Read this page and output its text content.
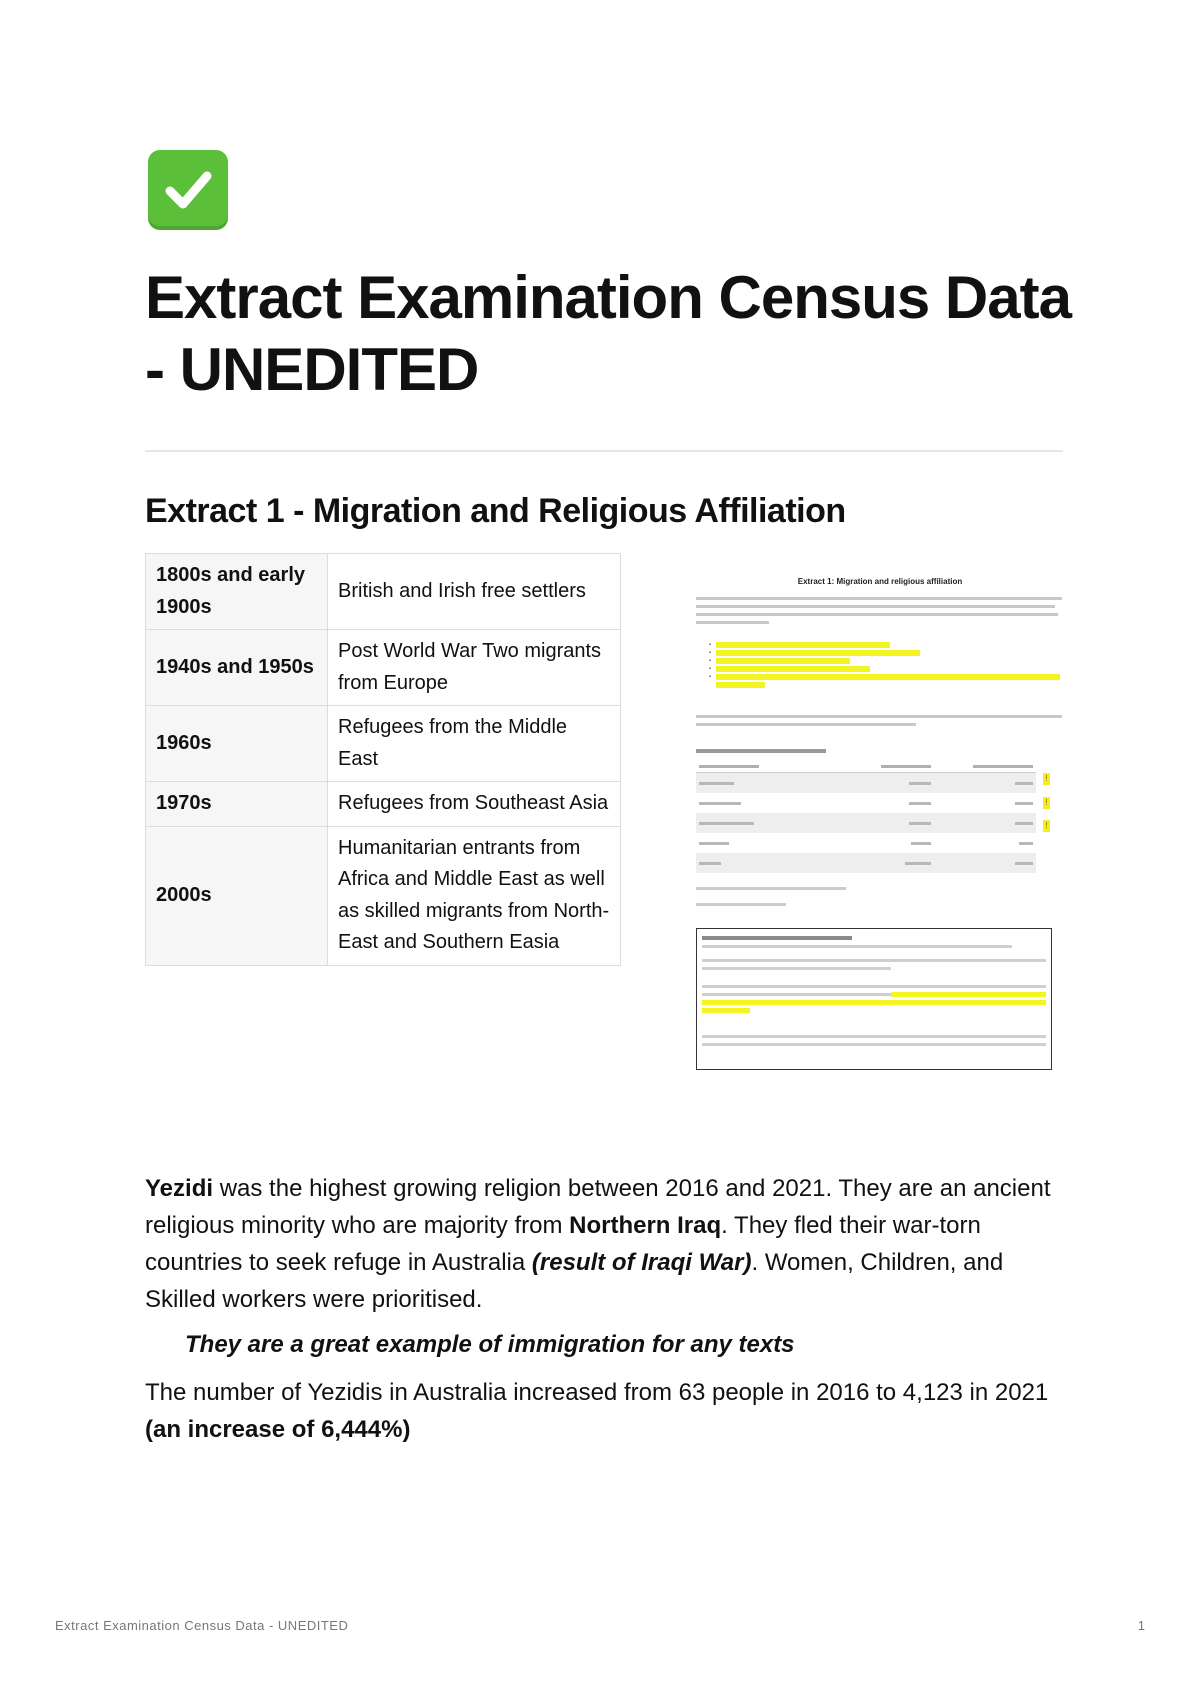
Extract Examination Census Data - UNEDITED
Extract 1 - Migration and Religious Affiliation
1800s and early 1900s	British and Irish free settlers
1940s and 1950s	Post World War Two migrants from Europe
1960s	Refugees from the Middle East
1970s	Refugees from Southeast Asia
2000s	Humanitarian entrants from Africa and Middle East as well as skilled migrants from North-East and Southern Easia
Extract 1: Migration and religious affiliation
•
•
•
•
•

!
!
!

Yezidi was the highest growing religion between 2016 and 2021. They are an ancient religious minority who are majority from Northern Iraq. They fled their war-torn countries to seek refuge in Australia (result of Iraqi War). Women, Children, and Skilled workers were prioritised.

They are a great example of immigration for any texts

The number of Yezidis in Australia increased from 63 people in 2016 to 4,123 in 2021 (an increase of 6,444%)

Extract Examination Census Data - UNEDITED	1
